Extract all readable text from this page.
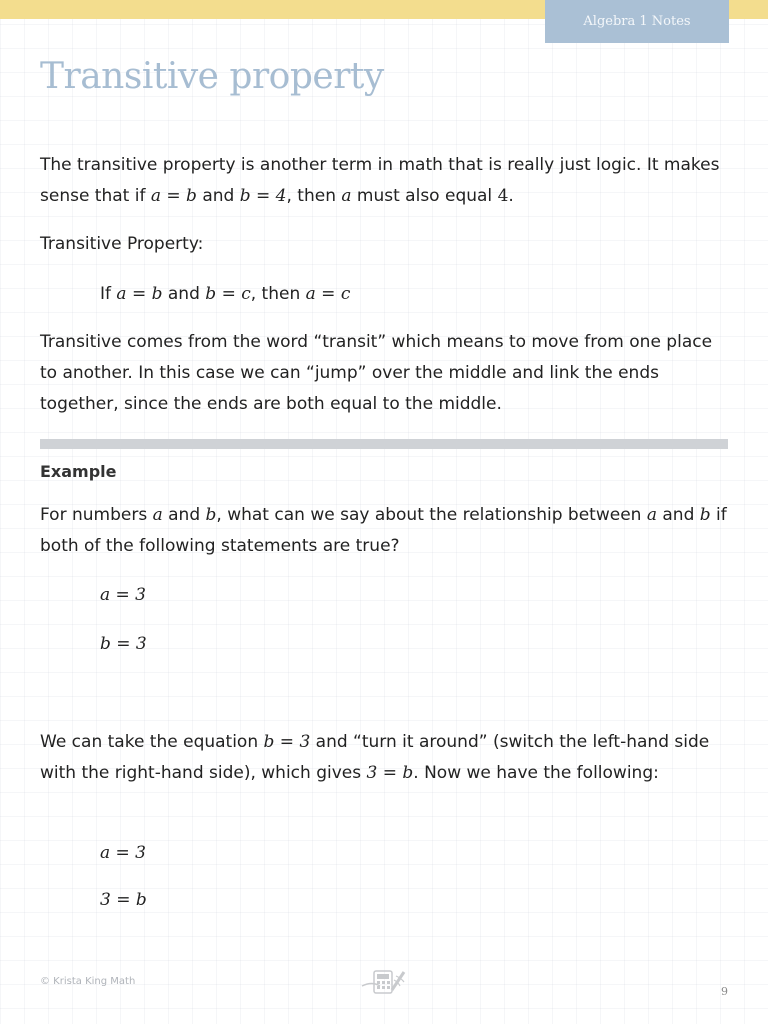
Algebra 1 Notes
Transitive property

The transitive property is another term in math that is really just logic. It makes sense that if a = b and b = 4, then a must also equal 4.

Transitive Property:

If a = b and b = c, then a = c

Transitive comes from the word “transit” which means to move from one place to another. In this case we can “jump” over the middle and link the ends together, since the ends are both equal to the middle.

Example

For numbers a and b, what can we say about the relationship between a and b if both of the following statements are true?

a = 3

b = 3

We can take the equation b = 3 and “turn it around” (switch the left-hand side with the right-hand side), which gives 3 = b. Now we have the following:

a = 3

3 = b

© Krista King Math
9
